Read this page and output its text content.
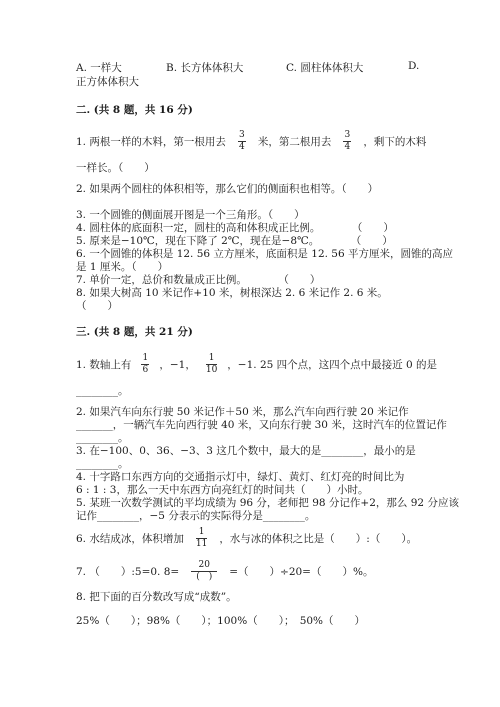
A. 一样大	B. 长方体体积大	C. 圆柱体体积大	D.
正方体体积大
二. (共 8 题，共 16 分)
1. 两根一样的木料，第一根用去 $\frac{3}{4}$ 米，第二根用去 $\frac{3}{4}$ ，剩下的木料
一样长。（　　）
2. 如果两个圆柱的体积相等，那么它们的侧面积也相等。（　　）
3. 一个圆锥的侧面展开图是一个三角形。（　　）
4. 圆柱体的底面积一定，圆柱的高和体积成正比例。　　　　（　　）
5. 原来是−10℃，现在下降了 2℃，现在是−8℃。　　　　（　　）
6. 一个圆锥的体积是 12. 56 立方厘米，底面积是 12. 56 平方厘米，圆锥的高应
是 1 厘米。（　　）
7. 单价一定，总价和数量成正比例。　　　　（　　）
8. 如果大树高 10 米记作+10 米，树根深达 2. 6 米记作 2. 6 米。
（　　）
三. (共 8 题，共 21 分)
1. 数轴上有 $\frac{1}{6}$ ，−1， $\frac{1}{10}$ ，−1. 25 四个点，这四个点中最接近 0 的是
________。
2. 如果汽车向东行驶 50 米记作＋50 米，那么汽车向西行驶 20 米记作
_______，一辆汽车先向西行驶 40 米，又向东行驶 30 米，这时汽车的位置记作
________。
3. 在−100、0、36、−3、3 这几个数中，最大的是________，最小的是
________。
4. 十字路口东西方向的交通指示灯中，绿灯、黄灯、红灯亮的时间比为
6 : 1 : 3，那么一天中东西方向亮红灯的时间共（　　）小时。
5. 某班一次数学测试的平均成绩为 96 分，老师把 98 分记作+2，那么 92 分应该
记作________，−5 分表示的实际得分是________。
6. 水结成冰，体积增加 $\frac{1}{11}$ ，水与冰的体积之比是（　　）:（　　）。
7. （　　）:5=0. $8= \frac{20}{( )}$ =（　　）÷20=（　　）%。
8. 把下面的百分数改写成“成数”。
25%（　　）；98%（　　）；100%（　　）；　50%（　　）
